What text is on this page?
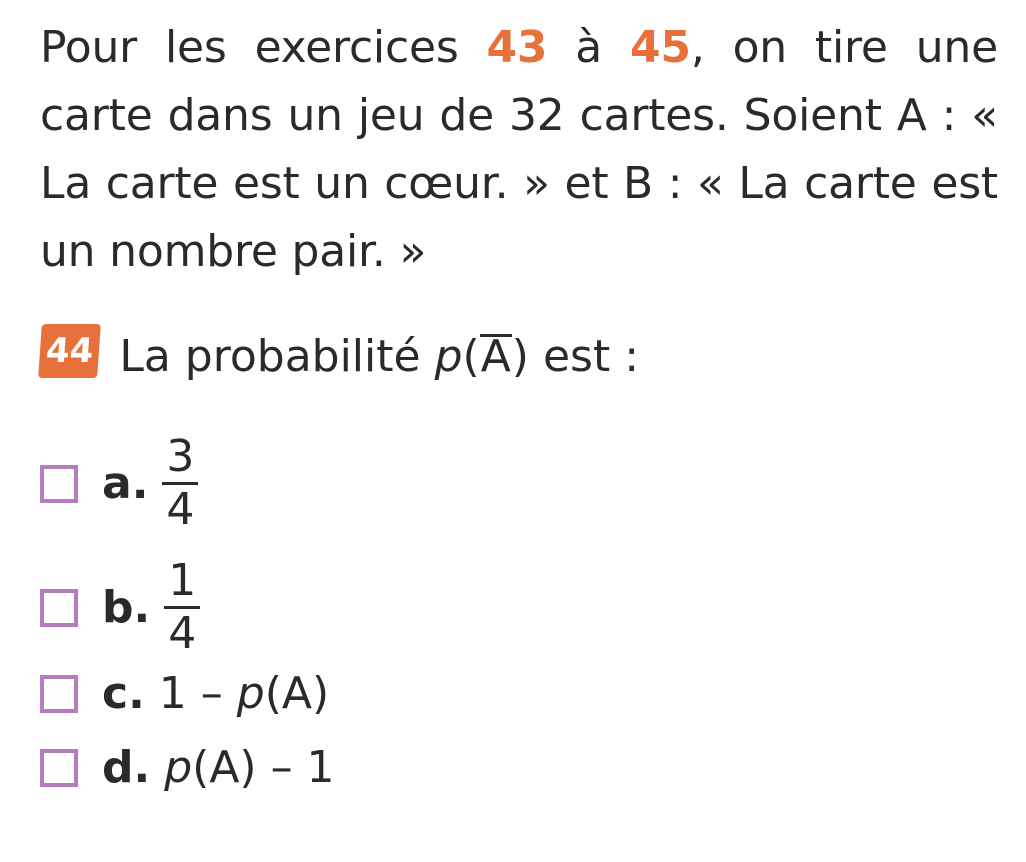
Pour les exercices 43 à 45, on tire une carte dans un jeu de 32 cartes. Soient A : « La carte est un cœur. » et B : « La carte est un nombre pair. »
44 La probabilité p(A) est :
a. $\frac{3}{4}$
b. $\frac{1}{4}$
c. 1 – p(A)
d. p(A) – 1
